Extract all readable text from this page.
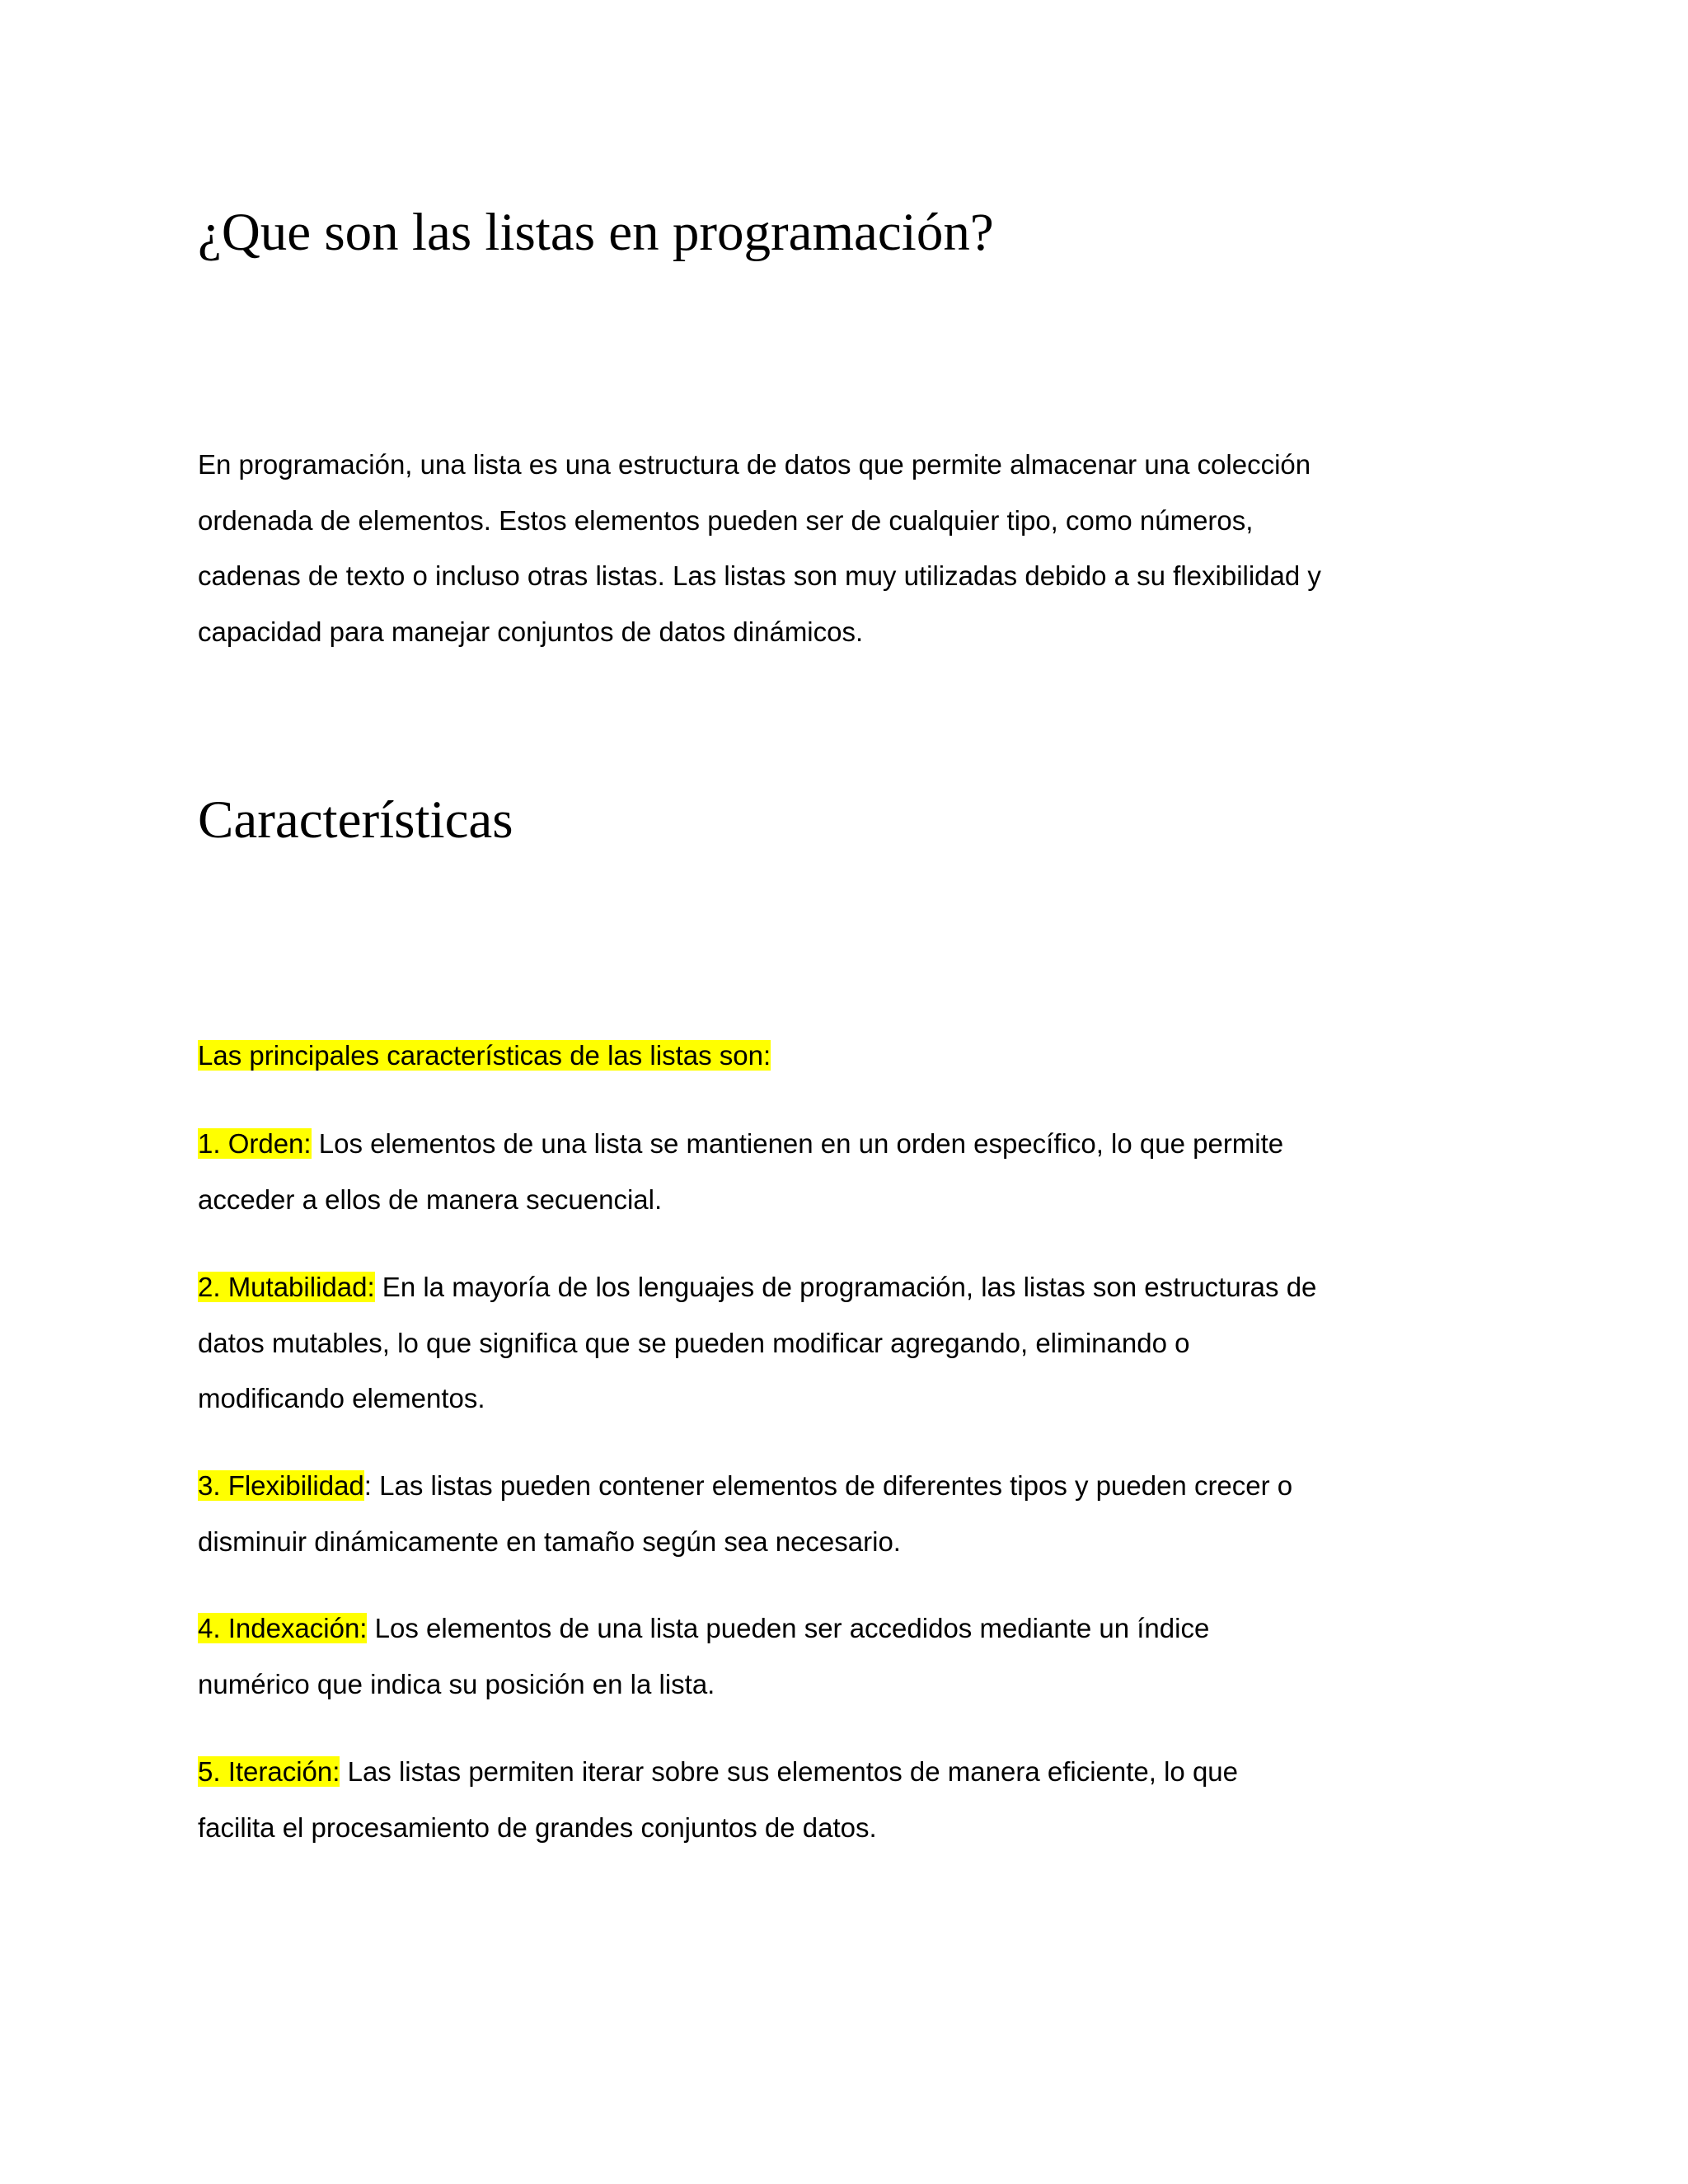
¿Que son las listas en programación?
En programación, una lista es una estructura de datos que permite almacenar una colección
ordenada de elementos. Estos elementos pueden ser de cualquier tipo, como números,
cadenas de texto o incluso otras listas. Las listas son muy utilizadas debido a su flexibilidad y
capacidad para manejar conjuntos de datos dinámicos.
Características
Las principales características de las listas son:
1. Orden: Los elementos de una lista se mantienen en un orden específico, lo que permite
acceder a ellos de manera secuencial.
2. Mutabilidad: En la mayoría de los lenguajes de programación, las listas son estructuras de
datos mutables, lo que significa que se pueden modificar agregando, eliminando o
modificando elementos.
3. Flexibilidad: Las listas pueden contener elementos de diferentes tipos y pueden crecer o
disminuir dinámicamente en tamaño según sea necesario.
4. Indexación: Los elementos de una lista pueden ser accedidos mediante un índice
numérico que indica su posición en la lista.
5. Iteración: Las listas permiten iterar sobre sus elementos de manera eficiente, lo que
facilita el procesamiento de grandes conjuntos de datos.
